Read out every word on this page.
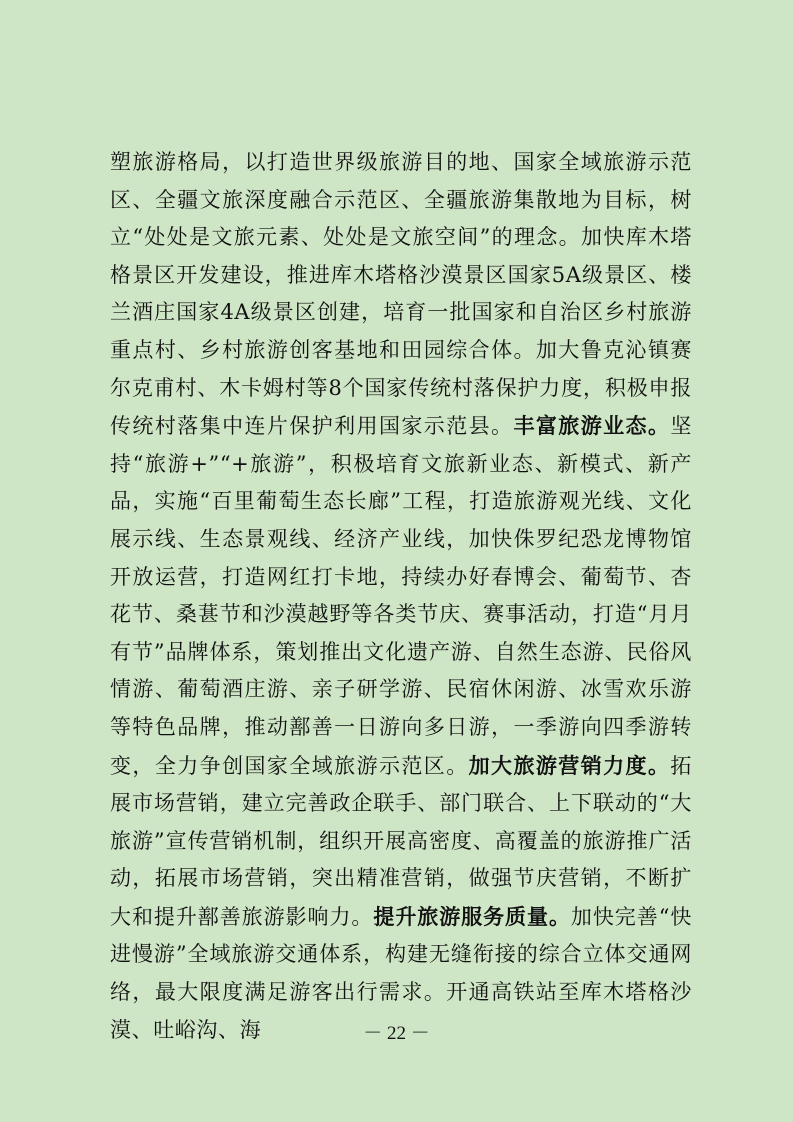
塑旅游格局，以打造世界级旅游目的地、国家全域旅游示范区、全疆文旅深度融合示范区、全疆旅游集散地为目标，树立“处处是文旅元素、处处是文旅空间”的理念。加快库木塔格景区开发建设，推进库木塔格沙漠景区国家5A级景区、楼兰酒庄国家4A级景区创建，培育一批国家和自治区乡村旅游重点村、乡村旅游创客基地和田园综合体。加大鲁克沁镇赛尔克甫村、木卡姆村等8个国家传统村落保护力度，积极申报传统村落集中连片保护利用国家示范县。丰富旅游业态。坚持“旅游+”“+旅游”，积极培育文旅新业态、新模式、新产品，实施“百里葡萄生态长廊”工程，打造旅游观光线、文化展示线、生态景观线、经济产业线，加快侏罗纪恐龙博物馆开放运营，打造网红打卡地，持续办好春博会、葡萄节、杏花节、桑葚节和沙漠越野等各类节庆、赛事活动，打造“月月有节”品牌体系，策划推出文化遗产游、自然生态游、民俗风情游、葡萄酒庄游、亲子研学游、民宿休闲游、冰雪欢乐游等特色品牌，推动鄯善一日游向多日游，一季游向四季游转变，全力争创国家全域旅游示范区。加大旅游营销力度。拓展市场营销，建立完善政企联手、部门联合、上下联动的“大旅游”宣传营销机制，组织开展高密度、高覆盖的旅游推广活动，拓展市场营销，突出精准营销，做强节庆营销，不断扩大和提升鄯善旅游影响力。提升旅游服务质量。加快完善“快进慢游”全域旅游交通体系，构建无缝衔接的综合立体交通网络，最大限度满足游客出行需求。开通高铁站至库木塔格沙漠、吐峪沟、海	－ 22 －
